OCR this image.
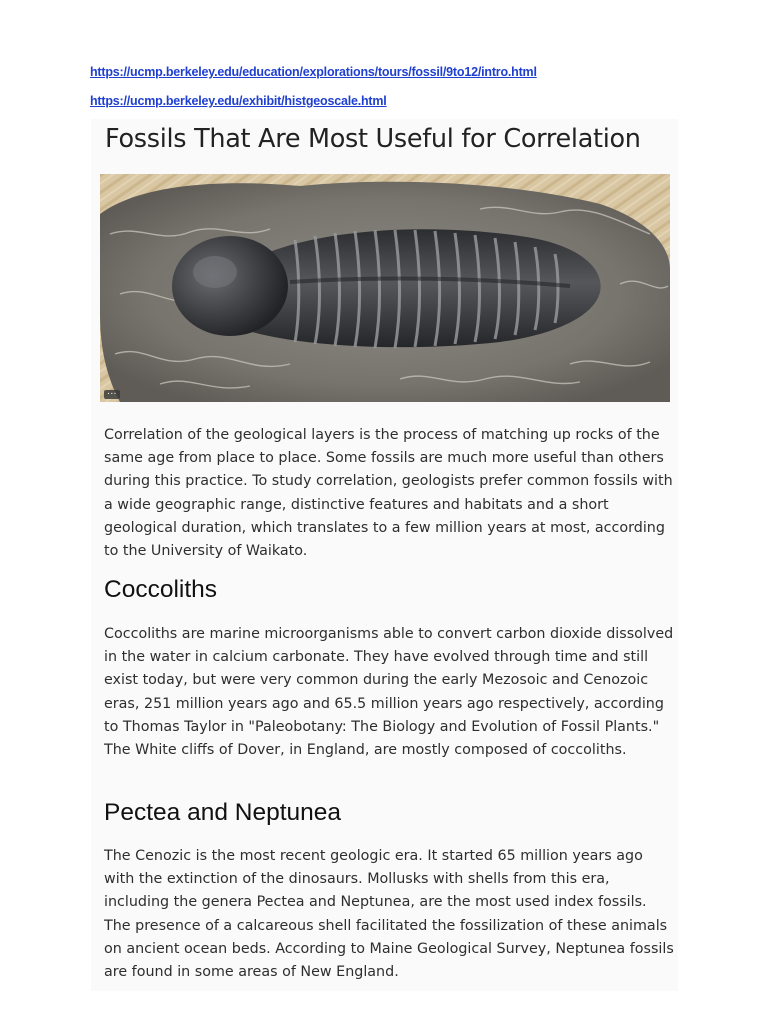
https://ucmp.berkeley.edu/education/explorations/tours/fossil/9to12/intro.html
https://ucmp.berkeley.edu/exhibit/histgeoscale.html
Fossils That Are Most Useful for Correlation
...

Correlation of the geological layers is the process of matching up rocks of the same age from place to place. Some fossils are much more useful than others during this practice. To study correlation, geologists prefer common fossils with a wide geographic range, distinctive features and habitats and a short geological duration, which translates to a few million years at most, according to the University of Waikato.

Coccoliths

Coccoliths are marine microorganisms able to convert carbon dioxide dissolved in the water in calcium carbonate. They have evolved through time and still exist today, but were very common during the early Mezosoic and Cenozoic eras, 251 million years ago and 65.5 million years ago respectively, according to Thomas Taylor in "Paleobotany: The Biology and Evolution of Fossil Plants." The White cliffs of Dover, in England, are mostly composed of coccoliths.

Pectea and Neptunea

The Cenozic is the most recent geologic era. It started 65 million years ago with the extinction of the dinosaurs. Mollusks with shells from this era, including the genera Pectea and Neptunea, are the most used index fossils. The presence of a calcareous shell facilitated the fossilization of these animals on ancient ocean beds. According to Maine Geological Survey, Neptunea fossils are found in some areas of New England.
